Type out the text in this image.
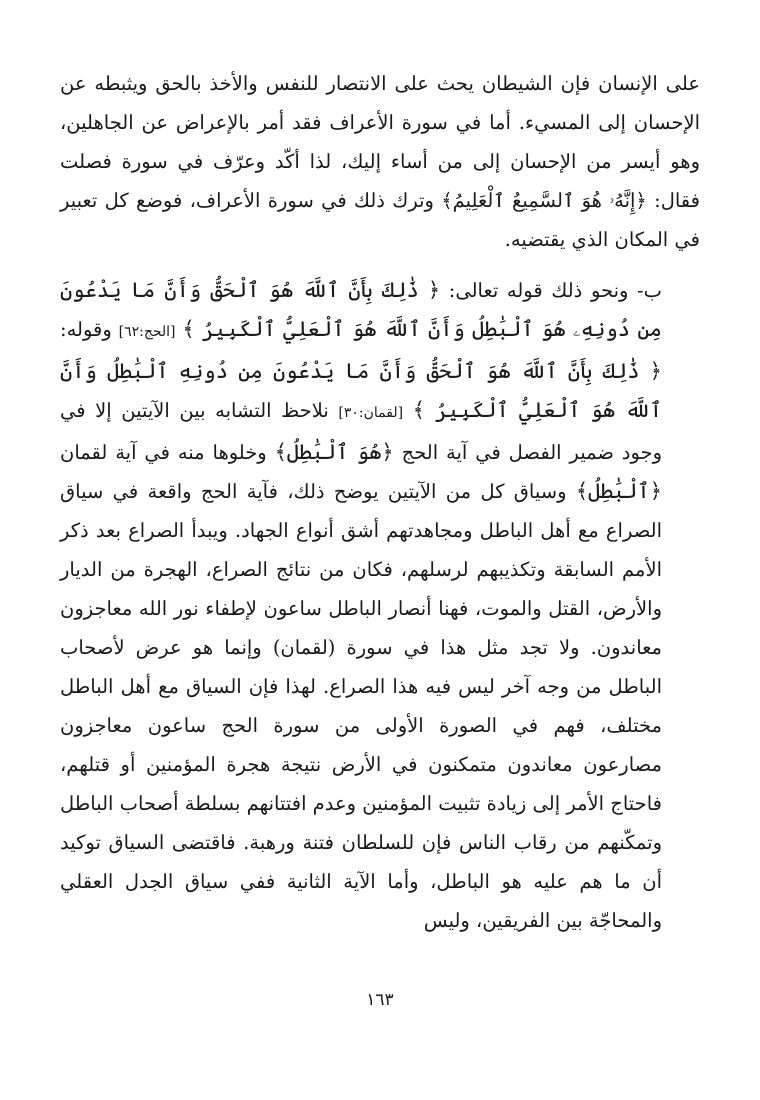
على الإنسان فإن الشيطان يحث على الانتصار للنفس والأخذ بالحق ويثبطه عن الإحسان إلى المسيء. أما في سورة الأعراف فقد أمر بالإعراض عن الجاهلين، وهو أيسر من الإحسان إلى من أساء إليك، لذا أكّد وعرّف في سورة فصلت فقال: ﴿إِنَّهُۥ هُوَ ٱلسَّمِيعُ ٱلْعَلِيمُ﴾ وترك ذلك في سورة الأعراف، فوضع كل تعبير في المكان الذي يقتضيه.

ب- ونحو ذلك قوله تعالى: ﴿ ذَٰلِكَ بِأَنَّ ٱللَّهَ هُوَ ٱلْحَقُّ وَأَنَّ مَا يَدْعُونَ مِن دُونِهِۦ هُوَ ٱلْبَٰطِلُ وَأَنَّ ٱللَّهَ هُوَ ٱلْعَلِيُّ ٱلْكَبِيرُ ﴾ [الحج:٦٢] وقوله: ﴿ ذَٰلِكَ بِأَنَّ ٱللَّهَ هُوَ ٱلْحَقُّ وَأَنَّ مَا يَدْعُونَ مِن دُونِهِ ٱلْبَٰطِلُ وَأَنَّ ٱللَّهَ هُوَ ٱلْعَلِيُّ ٱلْكَبِيرُ ﴾ [لقمان:٣٠] نلاحظ التشابه بين الآيتين إلا في وجود ضمير الفصل في آية الحج ﴿هُوَ ٱلْبَٰطِلُ﴾ وخلوها منه في آية لقمان ﴿ٱلْبَٰطِلُ﴾ وسياق كل من الآيتين يوضح ذلك، فآية الحج واقعة في سياق الصراع مع أهل الباطل ومجاهدتهم أشق أنواع الجهاد. ويبدأ الصراع بعد ذكر الأمم السابقة وتكذيبهم لرسلهم، فكان من نتائج الصراع، الهجرة من الديار والأرض، القتل والموت، فهنا أنصار الباطل ساعون لإطفاء نور الله معاجزون معاندون. ولا تجد مثل هذا في سورة (لقمان) وإنما هو عرض لأصحاب الباطل من وجه آخر ليس فيه هذا الصراع. لهذا فإن السياق مع أهل الباطل مختلف، فهم في الصورة الأولى من سورة الحج ساعون معاجزون مصارعون معاندون متمكنون في الأرض نتيجة هجرة المؤمنين أو قتلهم، فاحتاج الأمر إلى زيادة تثبيت المؤمنين وعدم افتتانهم بسلطة أصحاب الباطل وتمكّنهم من رقاب الناس فإن للسلطان فتنة ورهبة. فاقتضى السياق توكيد أن ما هم عليه هو الباطل، وأما الآية الثانية ففي سياق الجدل العقلي والمحاجّة بين الفريقين، وليس

١٦٣
